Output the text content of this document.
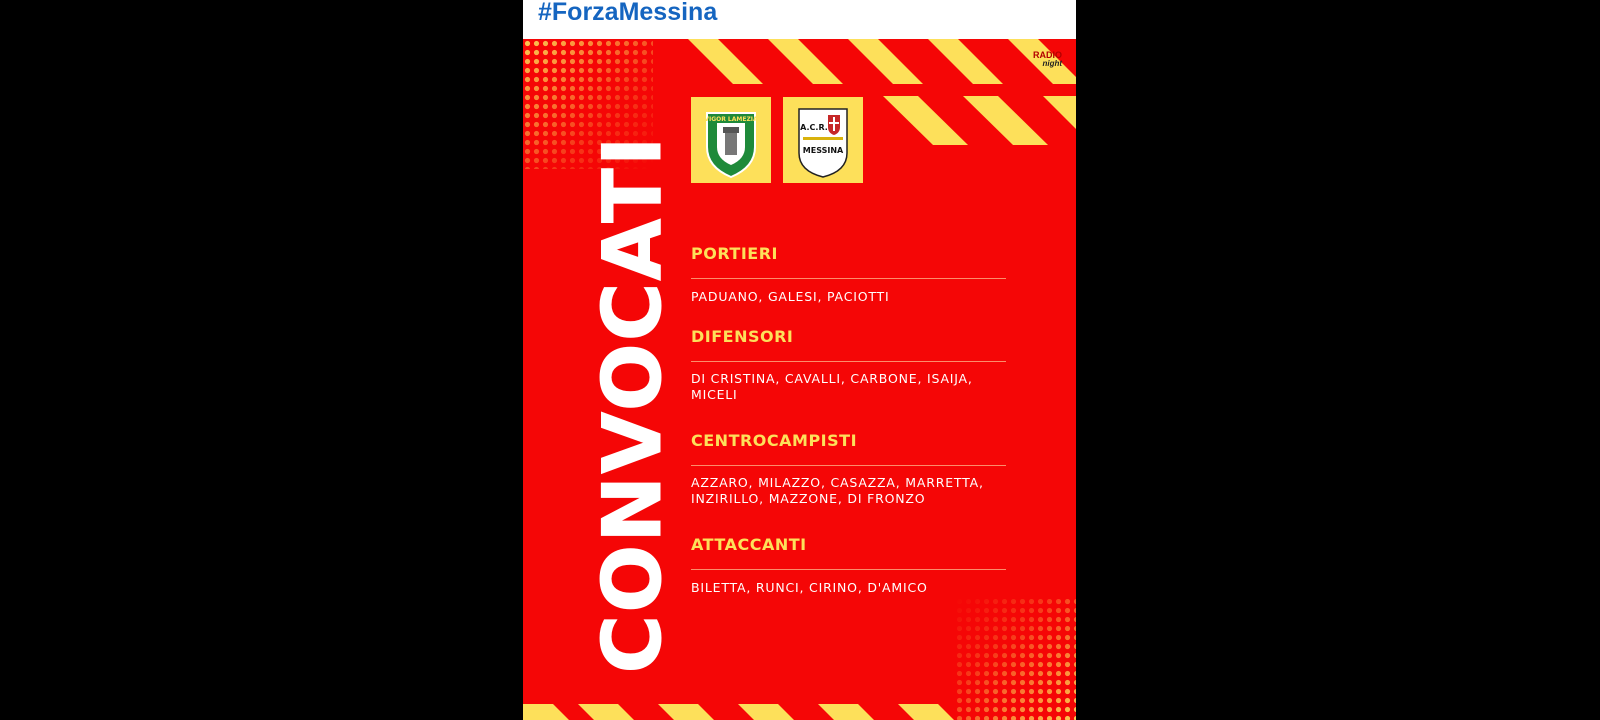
#ForzaMessina
RADIO
night
CONVOCATI
VIGOR LAMEZIA
A.C.R.
MESSINA
PORTIERI
PADUANO, GALESI, PACIOTTI
DIFENSORI
DI CRISTINA, CAVALLI, CARBONE, ISAIJA, MICELI
CENTROCAMPISTI
AZZARO, MILAZZO, CASAZZA, MARRETTA, INZIRILLO, MAZZONE, DI FRONZO
ATTACCANTI
BILETTA, RUNCI, CIRINO, D'AMICO
